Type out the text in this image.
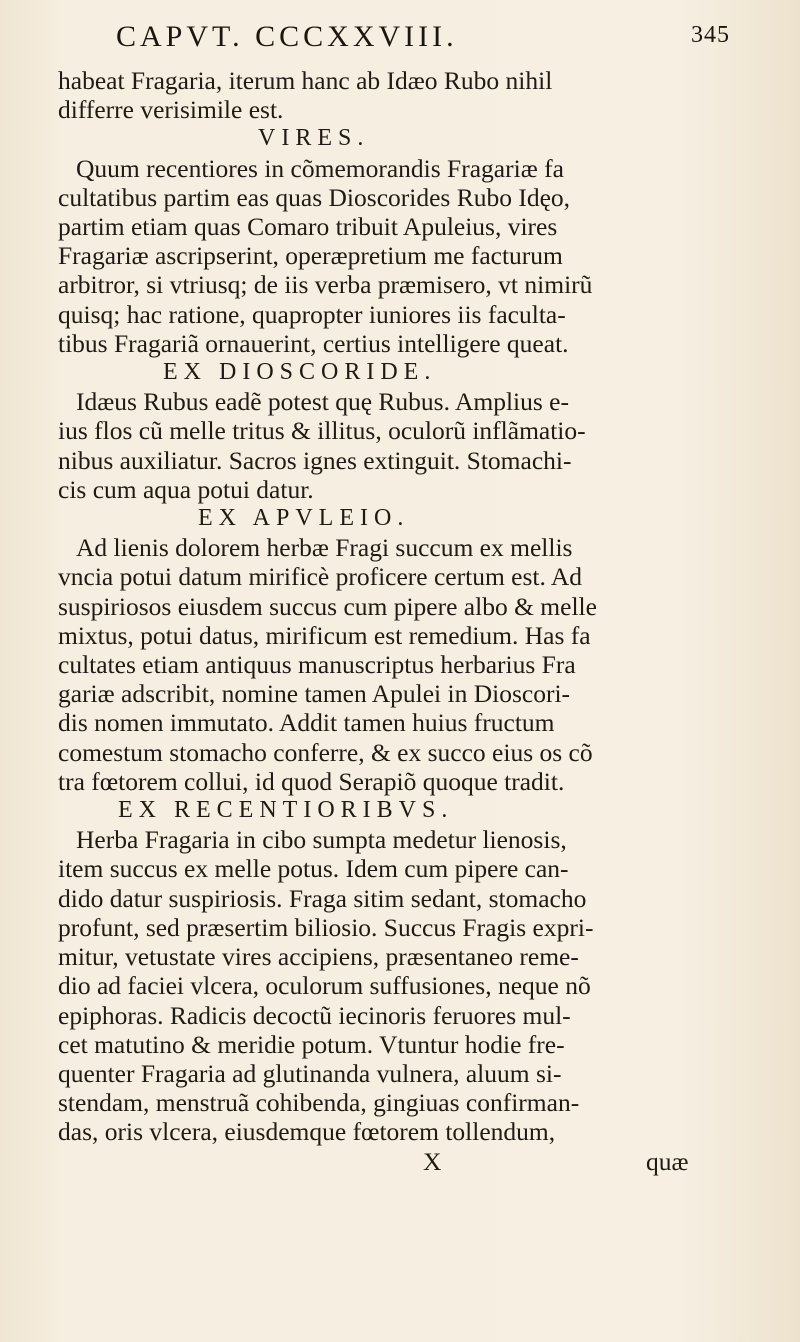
CAPVT. CCCXXVIII.	345
habeat Fragaria, iterum hanc ab Idæo Rubo nihil
differre verisimile est.
VIRES.
Quum recentiores in cõmemorandis Fragariæ fa
cultatibus partim eas quas Dioscorides Rubo Idęo,
partim etiam quas Comaro tribuit Apuleius, vires
Fragariæ ascripserint, operæpretium me facturum
arbitror, si vtriusq; de iis verba præmisero, vt nimirũ
quisq; hac ratione, quapropter iuniores iis faculta-
tibus Fragariã ornauerint, certius intelligere queat.
EX DIOSCORIDE.
Idæus Rubus eadẽ potest quę Rubus. Amplius e-
ius flos cũ melle tritus & illitus, oculorũ inflãmatio-
nibus auxiliatur. Sacros ignes extinguit. Stomachi-
cis cum aqua potui datur.
EX APVLEIO.
Ad lienis dolorem herbæ Fragi succum ex mellis
vncia potui datum mirificè proficere certum est. Ad
suspiriosos eiusdem succus cum pipere albo & melle
mixtus, potui datus, mirificum est remedium. Has fa
cultates etiam antiquus manuscriptus herbarius Fra
gariæ adscribit, nomine tamen Apulei in Dioscori-
dis nomen immutato. Addit tamen huius fructum
comestum stomacho conferre, & ex succo eius os cõ
tra fœtorem collui, id quod Serapiõ quoque tradit.
EX RECENTIORIBVS.
Herba Fragaria in cibo sumpta medetur lienosis,
item succus ex melle potus. Idem cum pipere can-
dido datur suspiriosis. Fraga sitim sedant, stomacho
profunt, sed præsertim biliosio. Succus Fragis expri-
mitur, vetustate vires accipiens, præsentaneo reme-
dio ad faciei vlcera, oculorum suffusiones, neque nõ
epiphoras. Radicis decoctũ iecinoris feruores mul-
cet matutino & meridie potum. Vtuntur hodie fre-
quenter Fragaria ad glutinanda vulnera, aluum si-
stendam, menstruã cohibenda, gingiuas confirman-
das, oris vlcera, eiusdemque fœtorem tollendum,
X	quæ
